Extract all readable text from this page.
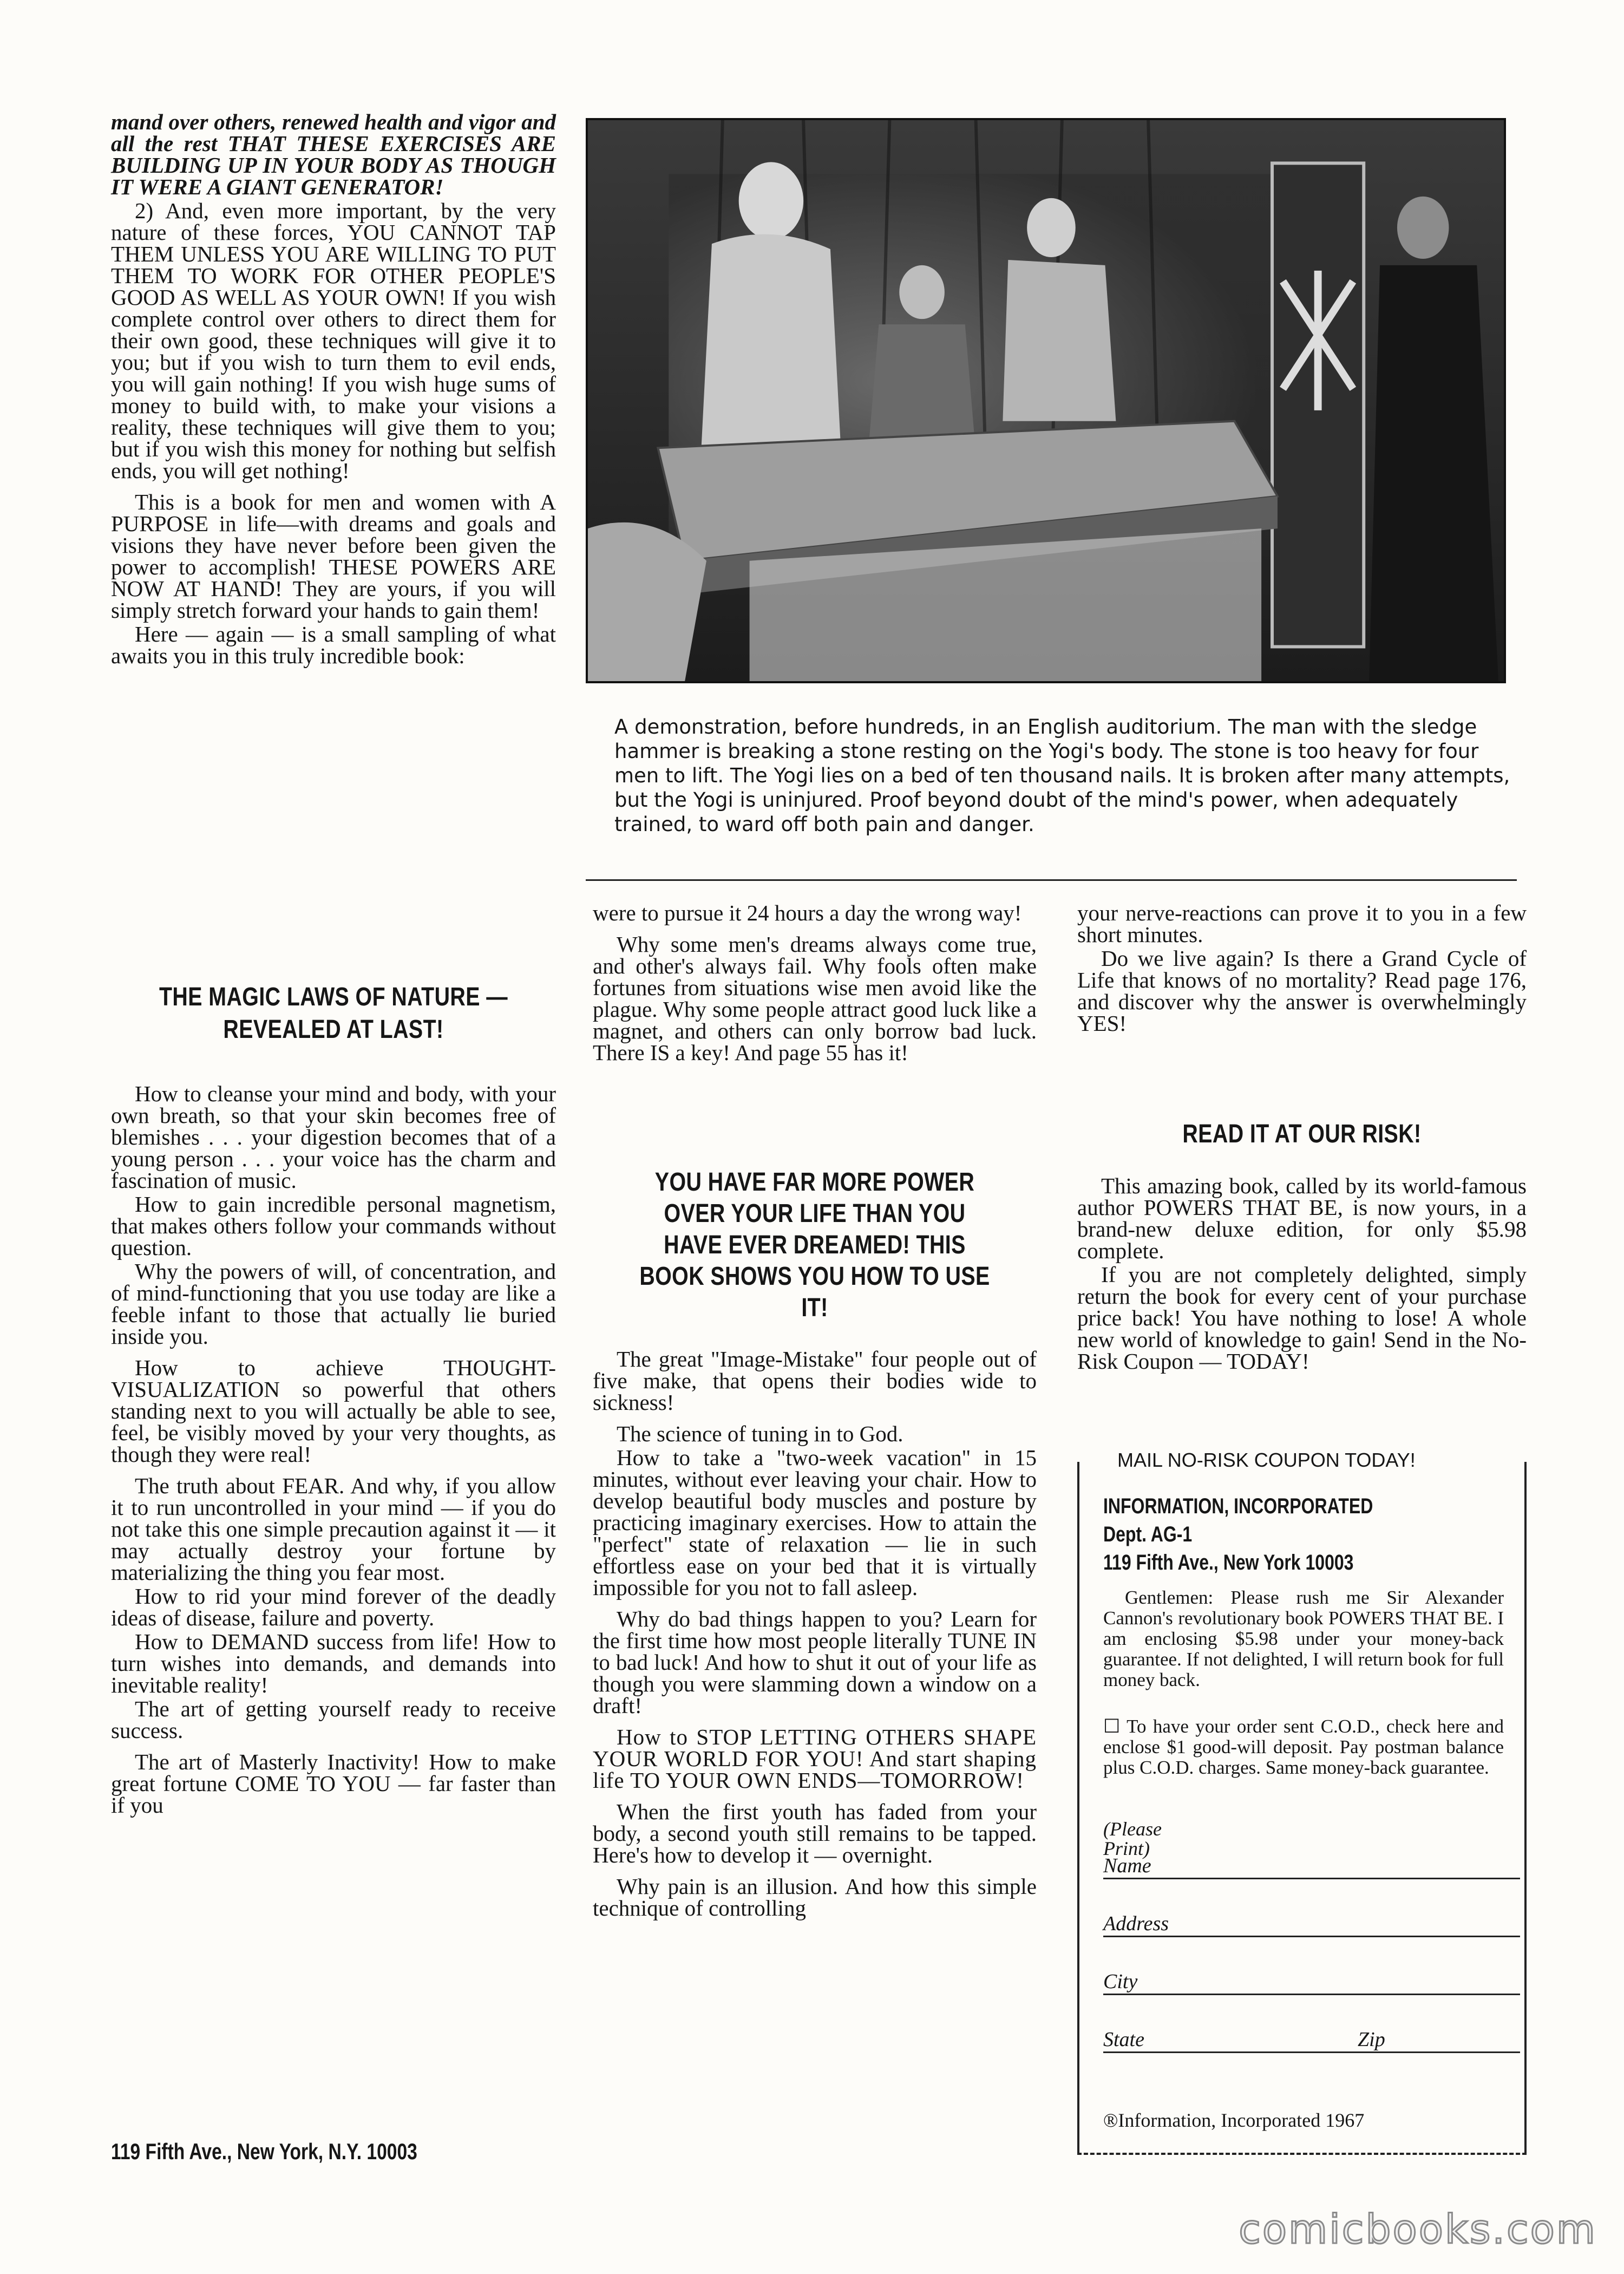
mand over others, renewed health and vigor and all the rest THAT THESE EXERCISES ARE BUILDING UP IN YOUR BODY AS THOUGH IT WERE A GIANT GENERATOR!

2) And, even more important, by the very nature of these forces, YOU CANNOT TAP THEM UNLESS YOU ARE WILLING TO PUT THEM TO WORK FOR OTHER PEOPLE'S GOOD AS WELL AS YOUR OWN! If you wish complete control over others to direct them for their own good, these techniques will give it to you; but if you wish to turn them to evil ends, you will gain nothing! If you wish huge sums of money to build with, to make your visions a reality, these techniques will give them to you; but if you wish this money for nothing but selfish ends, you will get nothing!

This is a book for men and women with A PURPOSE in life—with dreams and goals and visions they have never before been given the power to accomplish! THESE POWERS ARE NOW AT HAND! They are yours, if you will simply stretch forward your hands to gain them!

Here — again — is a small sampling of what awaits you in this truly incredible book:

THE MAGIC LAWS OF NATURE — REVEALED AT LAST!

How to cleanse your mind and body, with your own breath, so that your skin becomes free of blemishes . . . your digestion becomes that of a young person . . . your voice has the charm and fascination of music.

How to gain incredible personal magnetism, that makes others follow your commands without question.

Why the powers of will, of concentration, and of mind-functioning that you use today are like a feeble infant to those that actually lie buried inside you.

How to achieve THOUGHT-VISUALIZATION so powerful that others standing next to you will actually be able to see, feel, be visibly moved by your very thoughts, as though they were real!

The truth about FEAR. And why, if you allow it to run uncontrolled in your mind — if you do not take this one simple precaution against it — it may actually destroy your fortune by materializing the thing you fear most.

How to rid your mind forever of the deadly ideas of disease, failure and poverty.

How to DEMAND success from life! How to turn wishes into demands, and demands into inevitable reality!

The art of getting yourself ready to receive success.

The art of Masterly Inactivity! How to make great fortune COME TO YOU — far faster than if you

119 Fifth Ave., New York, N.Y. 10003
A demonstration, before hundreds, in an English auditorium. The man with the sledge hammer is breaking a stone resting on the Yogi's body. The stone is too heavy for four men to lift. The Yogi lies on a bed of ten thousand nails. It is broken after many attempts, but the Yogi is uninjured. Proof beyond doubt of the mind's power, when adequately trained, to ward off both pain and danger.

were to pursue it 24 hours a day the wrong way!

Why some men's dreams always come true, and other's always fail. Why fools often make fortunes from situations wise men avoid like the plague. Why some people attract good luck like a magnet, and others can only borrow bad luck. There IS a key! And page 55 has it!

YOU HAVE FAR MORE POWER OVER YOUR LIFE THAN YOU HAVE EVER DREAMED! THIS BOOK SHOWS YOU HOW TO USE IT!

The great "Image-Mistake" four people out of five make, that opens their bodies wide to sickness!

The science of tuning in to God.

How to take a "two-week vacation" in 15 minutes, without ever leaving your chair. How to develop beautiful body muscles and posture by practicing imaginary exercises. How to attain the "perfect" state of relaxation — lie in such effortless ease on your bed that it is virtually impossible for you not to fall asleep.

Why do bad things happen to you? Learn for the first time how most people literally TUNE IN to bad luck! And how to shut it out of your life as though you were slamming down a window on a draft!

How to STOP LETTING OTHERS SHAPE YOUR WORLD FOR YOU! And start shaping life TO YOUR OWN ENDS—TOMORROW!

When the first youth has faded from your body, a second youth still remains to be tapped. Here's how to develop it — overnight.

Why pain is an illusion. And how this simple technique of controlling

your nerve-reactions can prove it to you in a few short minutes.

Do we live again? Is there a Grand Cycle of Life that knows of no mortality? Read page 176, and discover why the answer is overwhelmingly YES!

READ IT AT OUR RISK!

This amazing book, called by its world-famous author POWERS THAT BE, is now yours, in a brand-new deluxe edition, for only $5.98 complete.

If you are not completely delighted, simply return the book for every cent of your purchase price back! You have nothing to lose! A whole new world of knowledge to gain! Send in the No-Risk Coupon — TODAY!

MAIL NO-RISK COUPON TODAY!
INFORMATION, INCORPORATED
Dept. AG-1
119 Fifth Ave., New York 10003
Gentlemen: Please rush me Sir Alexander Cannon's revolutionary book POWERS THAT BE. I am enclosing $5.98 under your money-back guarantee. If not delighted, I will return book for full money back.
☐ To have your order sent C.O.D., check here and enclose $1 good-will deposit. Pay postman balance plus C.O.D. charges. Same money-back guarantee.
(Please Print)
Name
Address
City
State	Zip
®Information, Incorporated 1967
comicbooks.com
